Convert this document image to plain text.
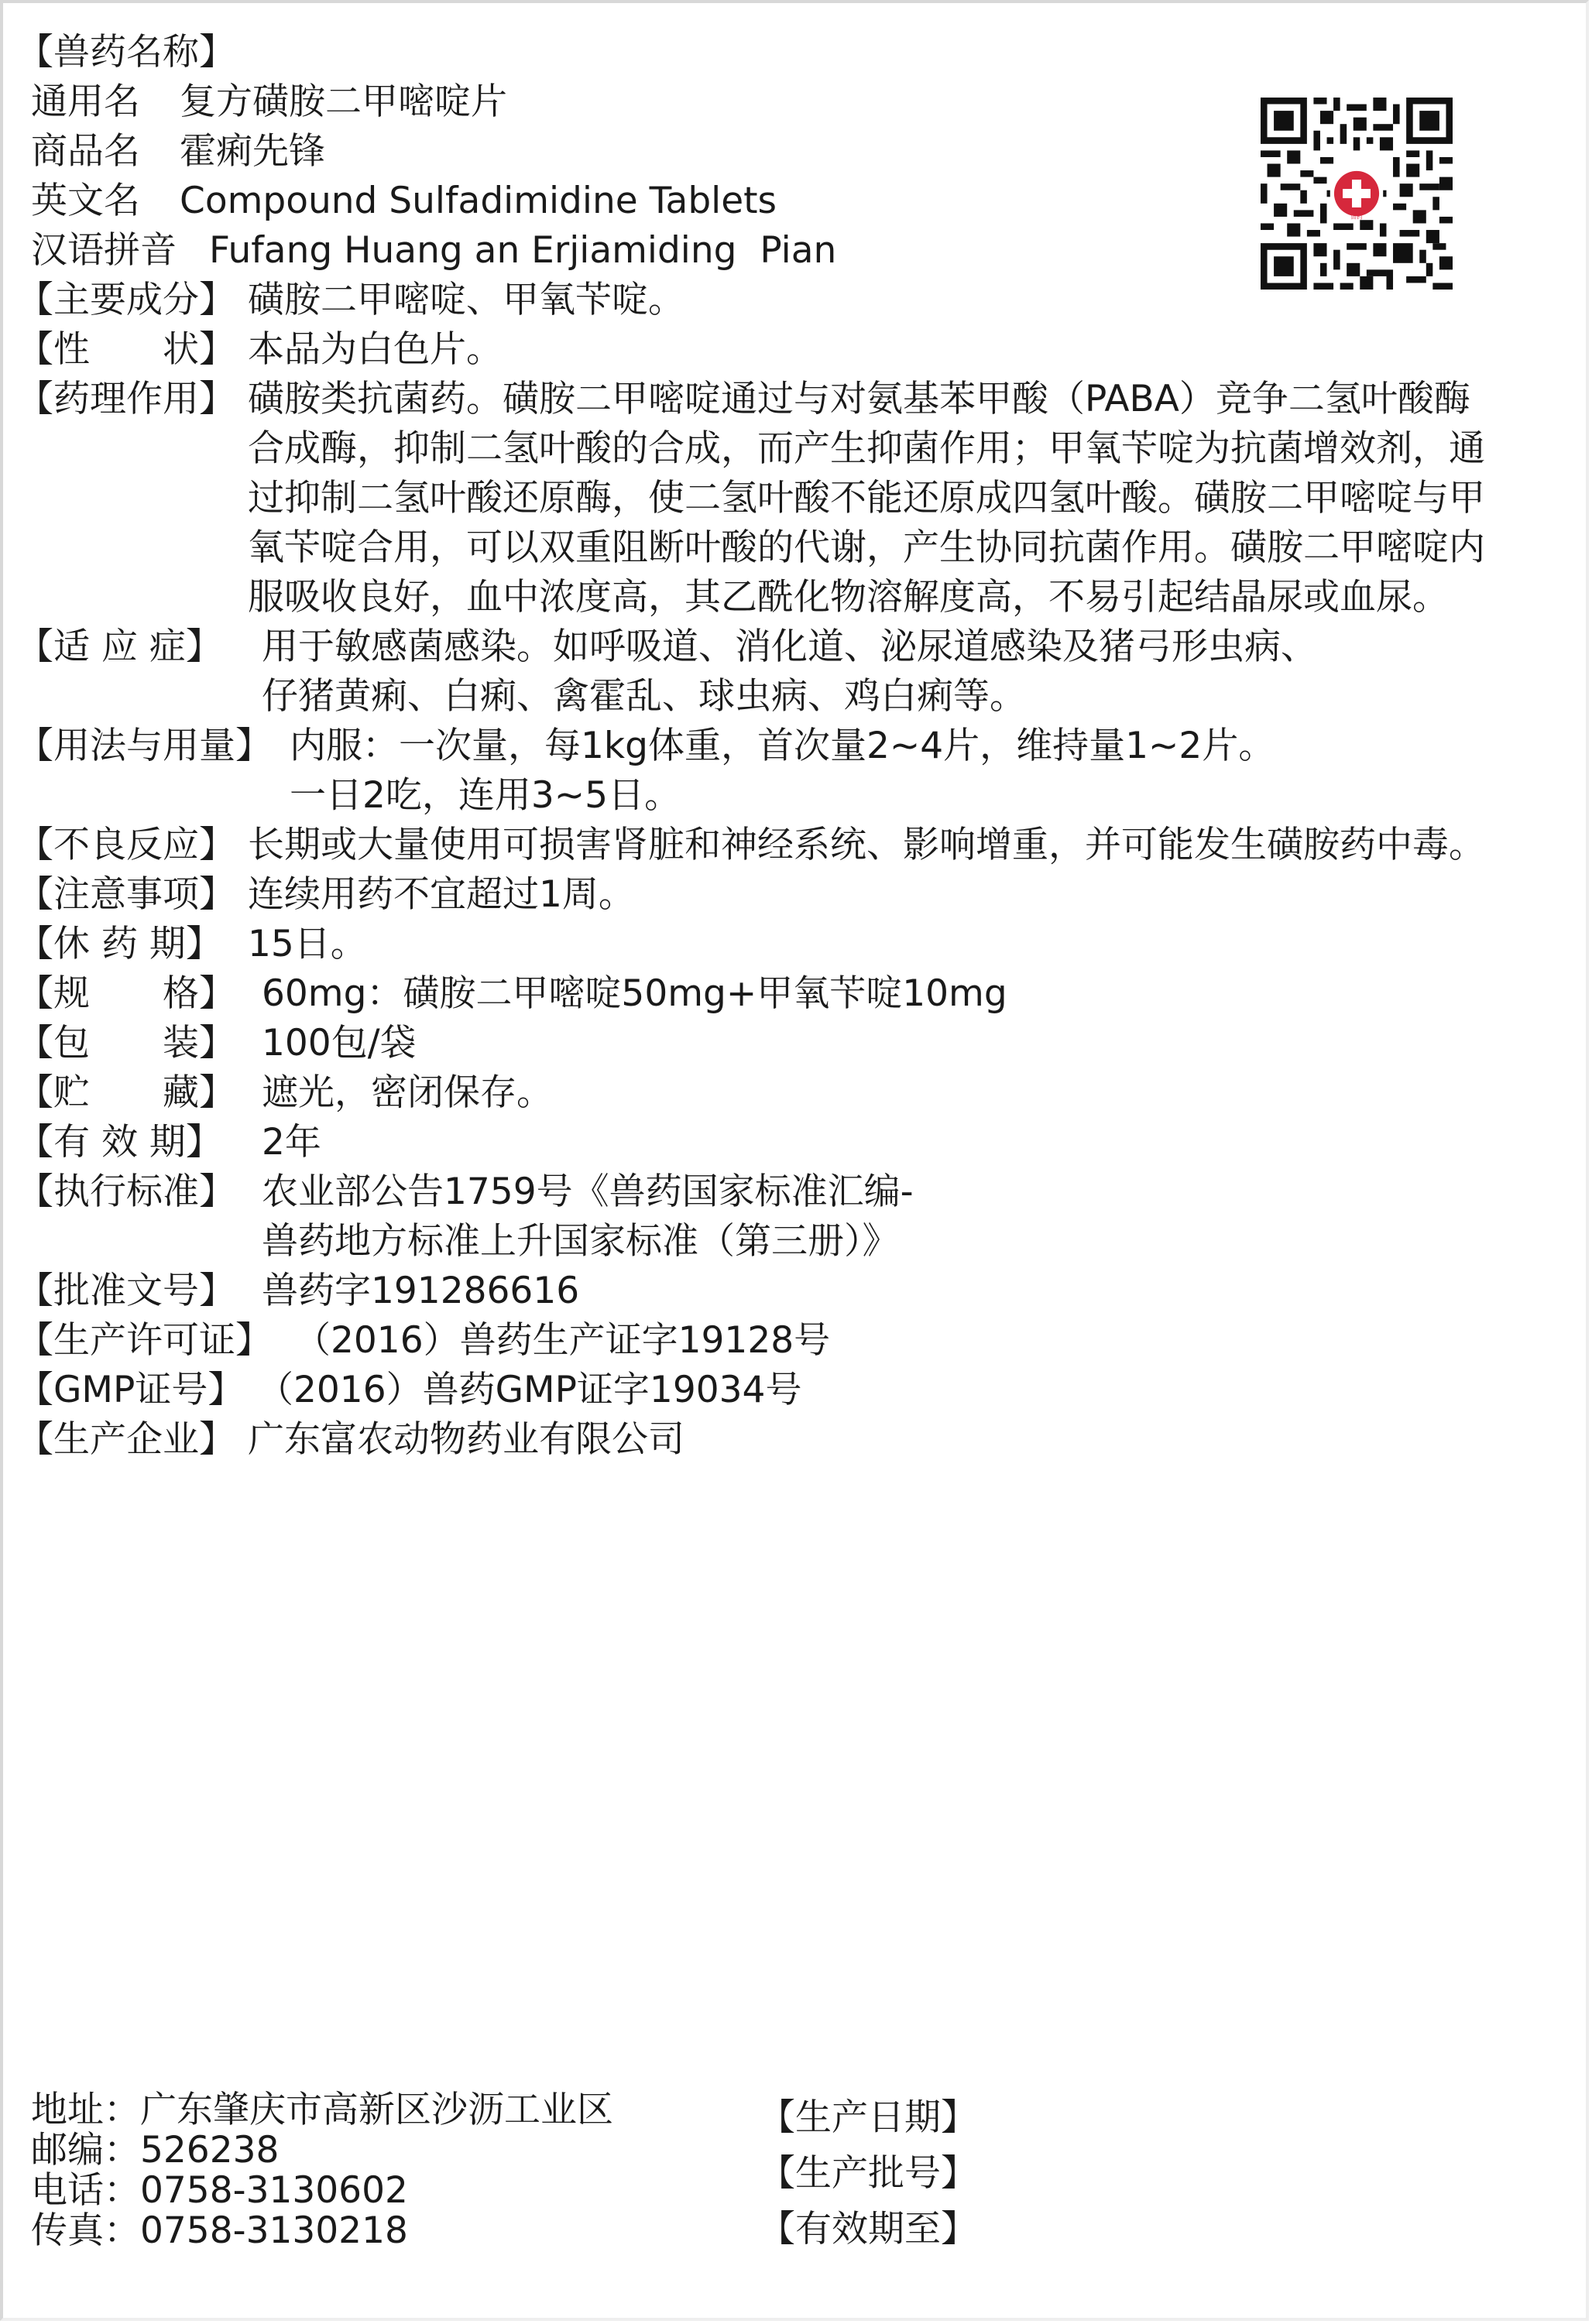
【兽药名称】
通用名	复方磺胺二甲嘧啶片
商品名	霍痢先锋
英文名	Compound Sulfadimidine Tablets
汉语拼音 Fufang Huang an Erjiamiding  Pian
【主要成分】 磺胺二甲嘧啶、甲氧苄啶。
【性　　状】 本品为白色片。
【药理作用】 磺胺类抗菌药。磺胺二甲嘧啶通过与对氨基苯甲酸（PABA）竞争二氢叶酸酶
合成酶，抑制二氢叶酸的合成，而产生抑菌作用；甲氧苄啶为抗菌增效剂，通
过抑制二氢叶酸还原酶，使二氢叶酸不能还原成四氢叶酸。磺胺二甲嘧啶与甲
氧苄啶合用，可以双重阻断叶酸的代谢，产生协同抗菌作用。磺胺二甲嘧啶内
服吸收良好，血中浓度高，其乙酰化物溶解度高，不易引起结晶尿或血尿。
【适 应 症】	用于敏感菌感染。如呼吸道、消化道、泌尿道感染及猪弓形虫病、
仔猪黄痢、白痢、禽霍乱、球虫病、鸡白痢等。
【用法与用量】 内服：一次量，每1kg体重，首次量2~4片，维持量1~2片。
一日2吃，连用3~5日。
【不良反应】 长期或大量使用可损害肾脏和神经系统、影响增重，并可能发生磺胺药中毒。
【注意事项】 连续用药不宜超过1周。
【休 药 期】 15日。
【规　　格】 60mg：磺胺二甲嘧啶50mg+甲氧苄啶10mg
【包　　装】 100包/袋
【贮　　藏】 遮光，密闭保存。
【有 效 期】	2年
【执行标准】 农业部公告1759号《兽药国家标准汇编-
兽药地方标准上升国家标准（第三册）》
【批准文号】 兽药字191286616
【生产许可证】 （2016）兽药生产证字19128号
【GMP证号】 （2016）兽药GMP证字19034号
【生产企业】 广东富农动物药业有限公司
地址：广东肇庆市高新区沙沥工业区
邮编：526238
电话：0758-3130602
传真：0758-3130218
【生产日期】
【生产批号】
【有效期至】
